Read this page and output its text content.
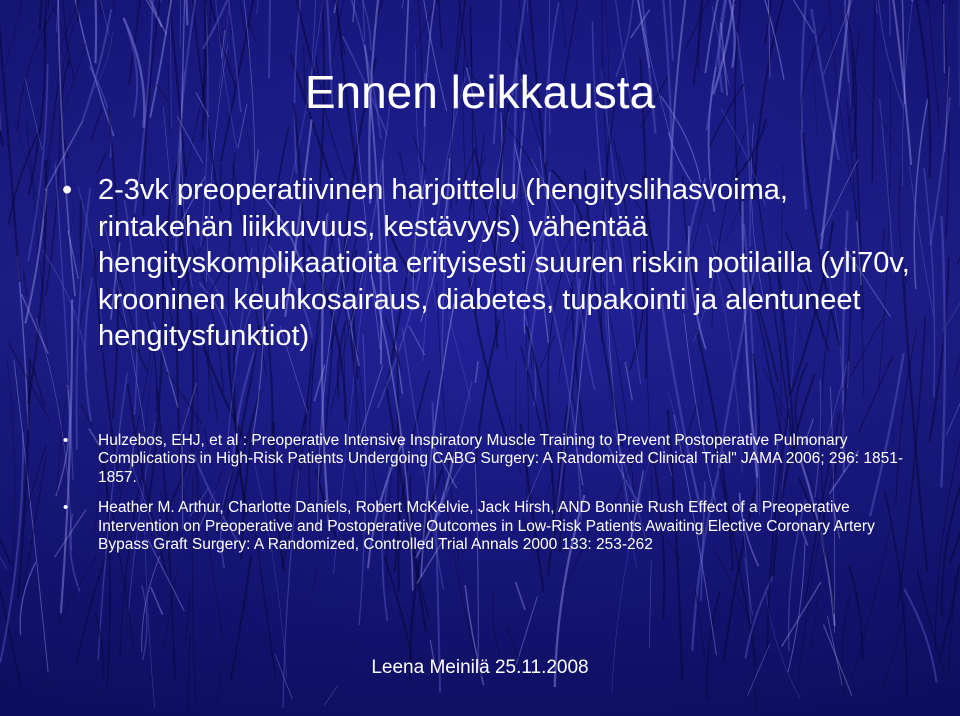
Ennen leikkausta
• 2-3vk preoperatiivinen harjoittelu (hengityslihasvoima, rintakehän liikkuvuus, kestävyys) vähentää hengityskomplikaatioita erityisesti suuren riskin potilailla (yli70v, krooninen keuhkosairaus, diabetes, tupakointi ja alentuneet hengitysfunktiot)
• Hulzebos, EHJ, et al : Preoperative Intensive Inspiratory Muscle Training to Prevent Postoperative Pulmonary Complications in High-Risk Patients Undergoing CABG Surgery: A Randomized Clinical Trial" JAMA 2006; 296: 1851-1857.
• Heather M. Arthur, Charlotte Daniels, Robert McKelvie, Jack Hirsh, AND Bonnie Rush Effect of a Preoperative Intervention on Preoperative and Postoperative Outcomes in Low-Risk Patients Awaiting Elective Coronary Artery Bypass Graft Surgery: A Randomized, Controlled Trial Annals 2000 133: 253-262
Leena Meinilä 25.11.2008
